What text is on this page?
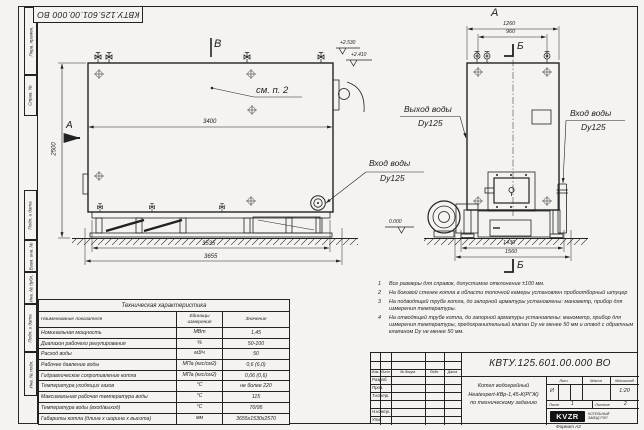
Перв. примен.
Справ. №
Подп. и дата
Взам. инв. №
Инв. № дубл.
Подп. и дата
Инв. № подл.
КВТУ.125.601.00.000 ВО
В
А
см. п. 2
3400
2500
3535
3655
+2.530
+2.410
Вход воды
Dy125
А
1260
960
Б
Выход воды
Dy125
Вход воды
Dy125
0.000
1430
1560
Б
Техническая характеристика
Наименование показателя
Единицы измерения	Значение
Номинальная мощность	МВт	1,45
Диапазон рабочего регулирования	%	50-100
Расход воды	м3/ч	50
Рабочее давление воды	МПа (кгс/см2)	0,6 (6,0)
Гидравлическое сопротивление котла	МПа (кгс/см2)	0,06 (0,6)
Температура уходящих газов	°С	не более 220
Максимальная рабочая температура воды	°С	115
Температура воды (вход/выход)	°С	70/95
Габариты котла (длина х ширина х высота)	мм	3655х1530х2570
1	Все размеры для справок, допустимое отклонение ±100 мм.
2	На боковой стенке котла в области топочной камеры установлен пробоотборный штуцер
3	На подводящей трубе котла, до запорной арматуры установлены: манометр, прибор для измерения температуры.
4	На отводящей трубе котла, до запорной арматуры установлены: манометр, прибор для измерения температуры, предохранительный клапан Dy не менее 50 мм и отвод с обратным клапаном Dy не менее 50 мм.
Изм. Лист	№ докум.	Подп.	Дата
Разраб.
Пров.
Т.контр.
Н.контр.
Утв.
КВТУ.125.601.00.000 ВО
Котел водогрейный
Heatexpert-КВр-1,45-К(РГЖ)
по техническому заданию
Лит.	Масса	Масштаб
И	1:20
Лист 1	Листов	2
KVZR	КОТЕЛЬНЫЙ
ЗАВОД РЭП
Формат А3
